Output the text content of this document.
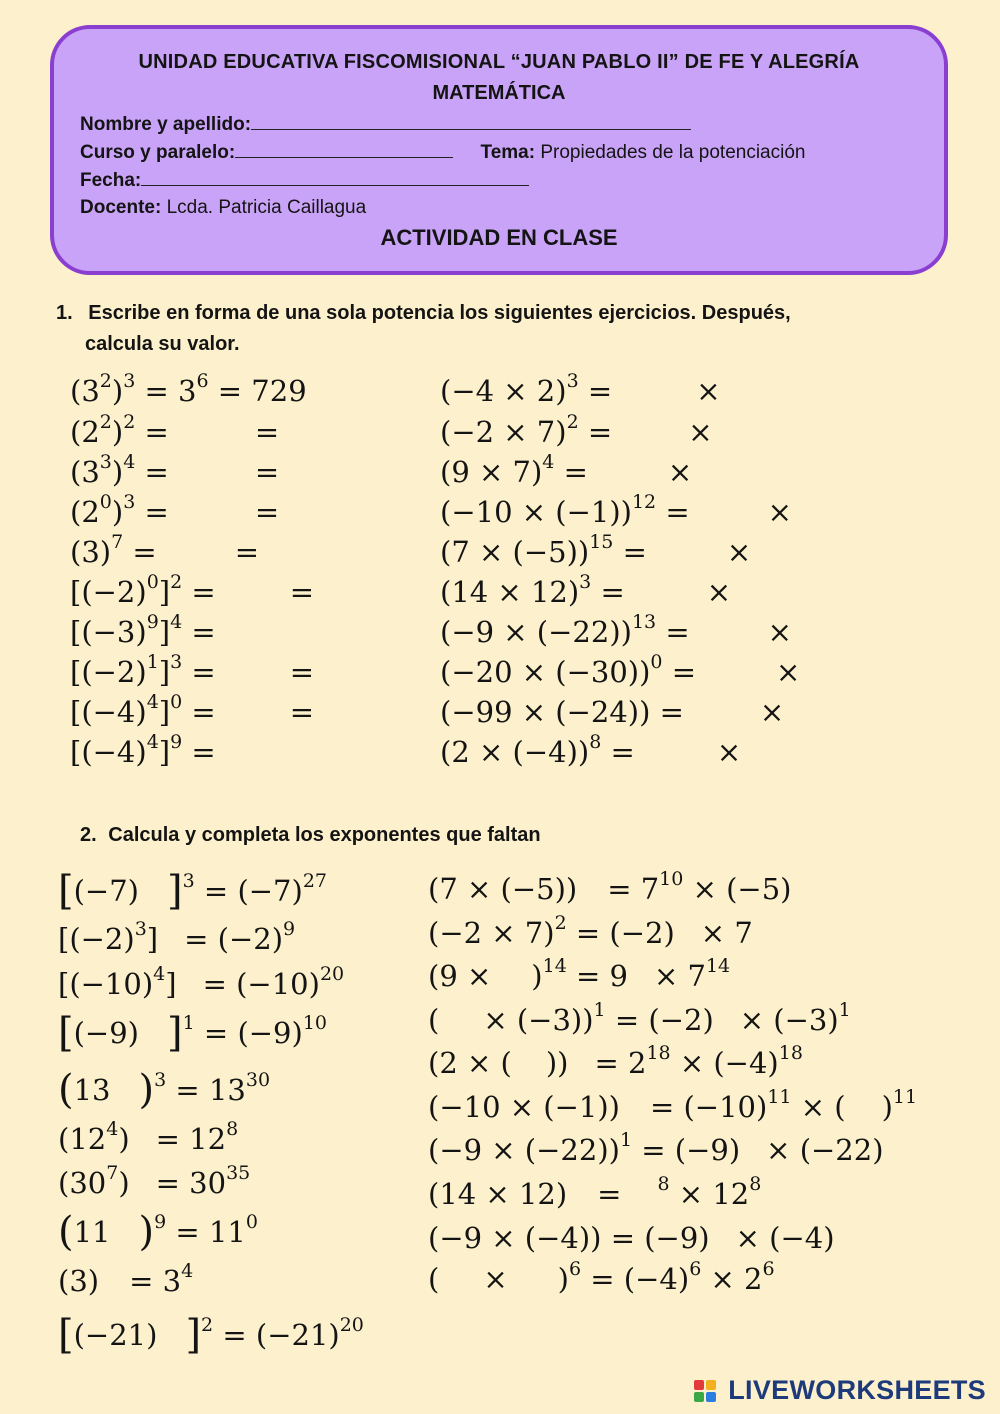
UNIDAD EDUCATIVA FISCOMISIONAL “JUAN PABLO II” DE FE Y ALEGRÍA
MATEMÁTICA
Nombre y apellido:
Curso y paralelo:	Tema: Propiedades de la potenciación
Fecha:
Docente: Lcda. Patricia Caillagua
ACTIVIDAD EN CLASE
1. Escribe en forma de una sola potencia los siguientes ejercicios. Después,
calcula su valor.
$(3^2)^3 = 3^6 = 729$
$(2^2)^2$ =	=
$(3^3)^4$ =	=
$(2^0)^3$ =	=
$(3)^7$ =	=
$[(-2)^0]^2$ =	=
$[(-3)^9]^4$ =
$[(-2)^1]^3$ =	=
$[(-4)^4]^0$ =	=
$[(-4)^4]^9$ =
$(-4 \times 2)^3$ =	×
$(-2 \times 7)^2$ =	×
$(9 \times 7)^4$ =	×
$(-10 \times (-1))^{12}$ =	×
$(7 \times (-5))^{15}$ =	×
$(14 \times 12)^3$ =	×
$(-9 \times (-22))^{13}$ =	×
$(-20 \times (-30))^0$ =	×
(−99 × (−24)) =	×
$(2 \times (-4))^8$ =	×
2. Calcula y completa los exponentes que faltan
[(−7) ]$^3 = (-7)^{27}$
$[(-2)^3] = (-2)^9$
$[(-10)^4] = (-10)^{20}$
[(−9) ]$^1 = (-9)^{10}$
(13 )$^3 = 13^{30}$
$(12^4) = 12^8$
$(30^7) = 30^{35}$
(11 )$^9 = 11^0$
$(3) = 3^4$
[(−21) ]$^2 = (-21)^{20}$
$(7 \times (-5)) = 7^{10} \times (-5)$
$(-2 \times 7)^2 = (-2) \times 7$
$(9 \times )^{14} = 9 \times 7^{14}$
( × $(-3))^1 = (-2) \times (-3)^1$
(2 × ( )) = $2^{18} \times (-4)^{18}$
$(-10 \times (-1)) = (-10)^{11}$ × ( )$^{11}$
$(-9 \times (-22))^1 = (-9) \times (-22)$
$(14 \times 12) = ^8 \times 12^8$
(−9 × (−4)) = (−9) × (−4)
( × )$^6 = (-4)^6 \times 2^6$
LIVEWORKSHEETS
